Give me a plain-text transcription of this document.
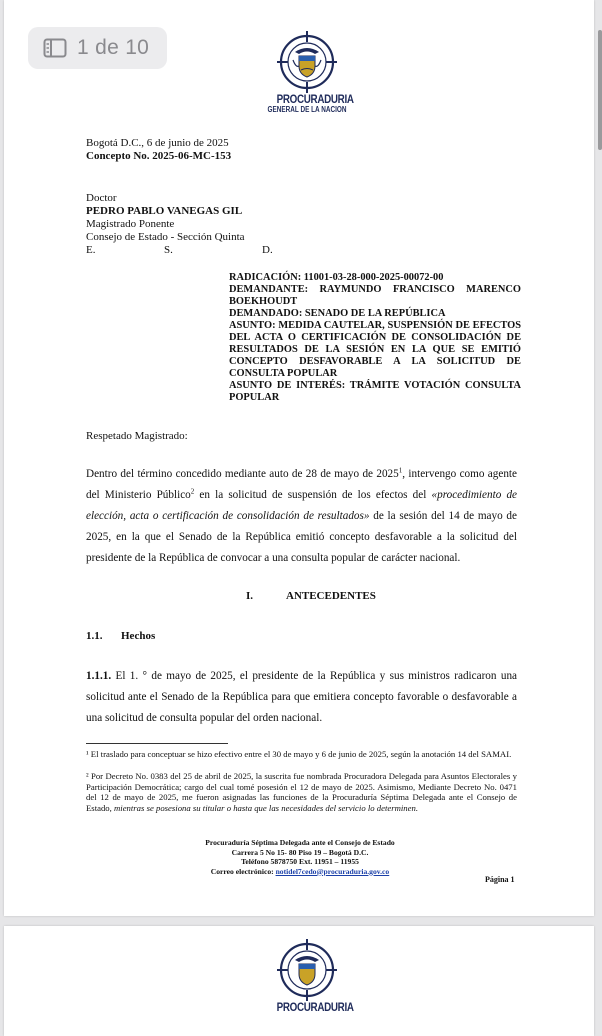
PROCURADURIA
GENERAL DE LA NACION
Bogotá D.C., 6 de junio de 2025
Concepto No. 2025-06-MC-153
Doctor
PEDRO PABLO VANEGAS GIL
Magistrado Ponente
Consejo de Estado - Sección Quinta
E.	S.	D.
RADICACIÓN: 11001-03-28-000-2025-00072-00
DEMANDANTE: RAYMUNDO FRANCISCO MARENCO BOEKHOUDT
DEMANDADO: SENADO DE LA REPÚBLICA
ASUNTO: MEDIDA CAUTELAR, SUSPENSIÓN DE EFECTOS DEL ACTA O CERTIFICACIÓN DE CONSOLIDACIÓN DE RESULTADOS DE LA SESIÓN EN LA QUE SE EMITIÓ CONCEPTO DESFAVORABLE A LA SOLICITUD DE CONSULTA POPULAR
ASUNTO DE INTERÉS: TRÁMITE VOTACIÓN CONSULTA POPULAR
Respetado Magistrado:
Dentro del término concedido mediante auto de 28 de mayo de 2025$^1$, intervengo como agente del Ministerio Público$^2$ en la solicitud de suspensión de los efectos del «procedimiento de elección, acta o certificación de consolidación de resultados» de la sesión del 14 de mayo de 2025, en la que el Senado de la República emitió concepto desfavorable a la solicitud del presidente de la República de convocar a una consulta popular de carácter nacional.
I.	ANTECEDENTES
1.1. Hechos
1.1.1. El 1. ° de mayo de 2025, el presidente de la República y sus ministros radicaron una solicitud ante el Senado de la República para que emitiera concepto favorable o desfavorable a una solicitud de consulta popular del orden nacional.
¹ El traslado para conceptuar se hizo efectivo entre el 30 de mayo y 6 de junio de 2025, según la anotación 14 del SAMAI.
² Por Decreto No. 0383 del 25 de abril de 2025, la suscrita fue nombrada Procuradora Delegada para Asuntos Electorales y Participación Democrática; cargo del cual tomé posesión el 12 de mayo de 2025. Asimismo, Mediante Decreto No. 0471 del 12 de mayo de 2025, me fueron asignadas las funciones de la Procuraduría Séptima Delegada ante el Consejo de Estado, mientras se posesiona su titular o hasta que las necesidades del servicio lo determinen.
Procuraduría Séptima Delegada ante el Consejo de Estado
Carrera 5 No 15- 80 Piso 19 – Bogotá D.C.
Teléfono 5878750 Ext. 11951 – 11955
Correo electrónico: notidel7cedo@procuraduria.gov.co
Página 1
PROCURADURIA
1 de 10
